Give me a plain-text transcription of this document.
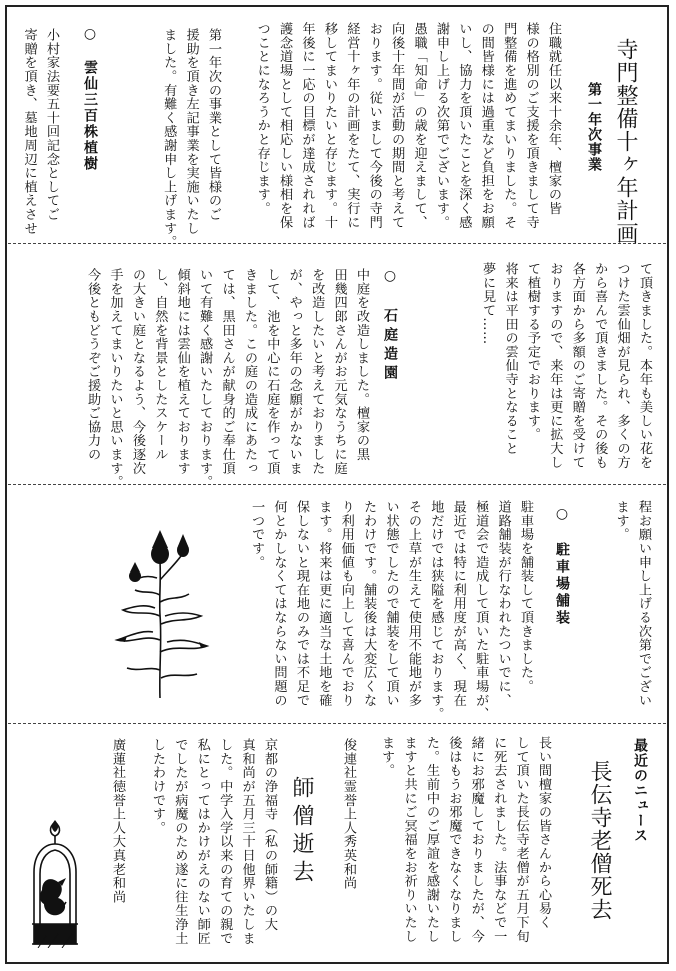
寺門整備十ヶ年計画
第一年次事業
住職就任以来十余年、檀家の皆
様の格別のご支援を頂きまして寺
門整備を進めてまいりました。そ
の間皆様には過重など負担をお願
いし、協力を頂いたことを深く感
謝申し上げる次第でございます。
愚職「知命」の歳を迎えまして、
向後十年間が活動の期間と考えて
おります。従いまして今後の寺門
経営十ヶ年の計画をたて、実行に
移してまいりたいと存じます。十
年後に一応の目標が達成されれば
護念道場として相応しい様相を保
つことになろうかと存じます。
第一年次の事業として皆様のご
援助を頂き左記事業を実施いたし
ました。有難く感謝申し上げます。
○　雲仙三百株植樹
小村家法要五十回記念としてご
寄贈を頂き、墓地周辺に植えさせ
て頂きました。本年も美しい花を
つけた雲仙畑が見られ、多くの方
から喜んで頂きました。その後も
各方面から多額のご寄贈を受けて
おりますので、来年は更に拡大し
て植樹する予定でおります。
将来は平田の雲仙寺となること
夢に見て……
○　石庭造園
中庭を改造しました。檀家の黒
田幾四郎さんがお元気なうちに庭
を改造したいと考えておりました
が、やっと多年の念願がかないま
して、池を中心に石庭を作って頂
きました。この庭の造成にあたっ
ては、黒田さんが献身的ご奉仕頂
いて有難く感謝いたしております。
傾斜地には雲仙を植えております
し、自然を背景としたスケール
の大きい庭となるよう、今後逐次
手を加えてまいりたいと思います。
今後ともどうぞご援助ご協力の
程お願い申し上げる次第でござい
ます。
○　駐車場舗装
駐車場を舗装して頂きました。
道路舗装が行なわれたついでに、
極道会で造成して頂いた駐車場が、
最近では特に利用度が高く、現在
地だけでは狭隘を感じております。
その上草が生えて使用不能地が多
い状態でしたので舗装をして頂い
たわけです。舗装後は大変広くな
り利用価値も向上して喜んでおり
ます。将来は更に適当な土地を確
保しないと現在地のみでは不足で
何とかしなくてはならない問題の
一つです。
最近のニュース
長伝寺老僧死去
長い間檀家の皆さんから心易く
して頂いた長伝寺老僧が五月下旬
に死去されました。法事などで一
緒にお邪魔しておりましたが、今
後はもうお邪魔できなくなりまし
た。生前中のご厚誼を感謝いたし
ますと共にご冥福をお祈りいたし
ます。
俊連社霊誉上人秀英和尚
師僧逝去
京都の浄福寺（私の師籍）の大
真和尚が五月三十日他界いたしま
した。中学入学以来の育ての親で
私にとってはかけがえのない師匠
でしたが病魔のため遂に往生浄土
したわけです。
廣蓮社徳誉上人大真老和尚
